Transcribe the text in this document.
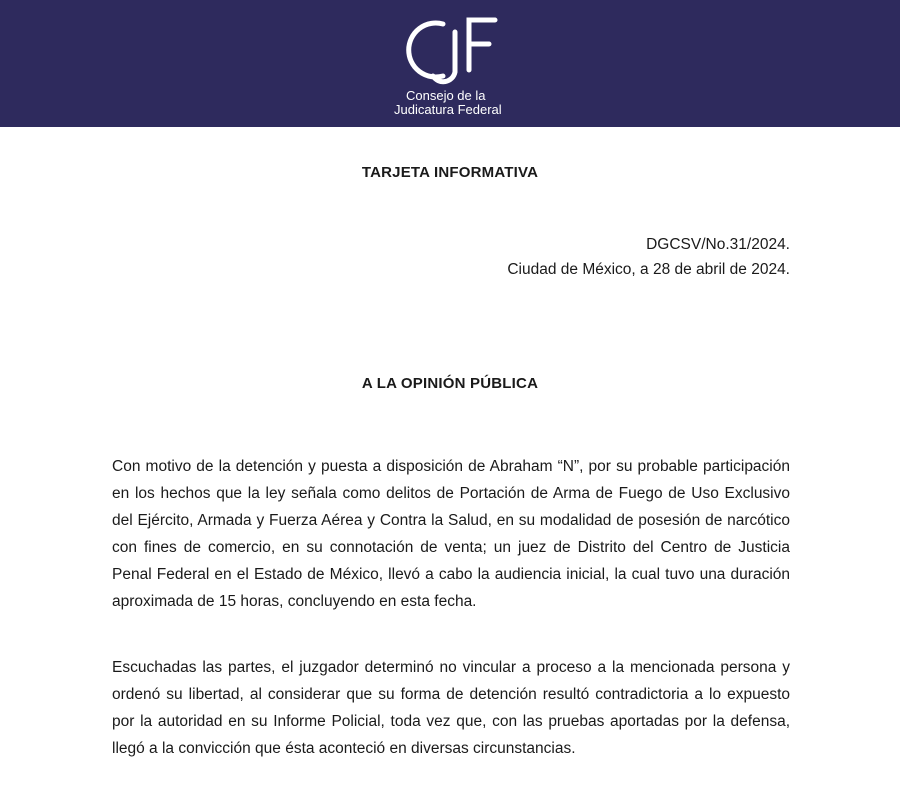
Consejo de la
Judicatura Federal
TARJETA INFORMATIVA
DGCSV/No.31/2024.
Ciudad de México, a 28 de abril de 2024.
A LA OPINIÓN PÚBLICA

Con motivo de la detención y puesta a disposición de Abraham “N”, por su probable participación en los hechos que la ley señala como delitos de Portación de Arma de Fuego de Uso Exclusivo del Ejército, Armada y Fuerza Aérea y Contra la Salud, en su modalidad de posesión de narcótico con fines de comercio, en su connotación de venta; un juez de Distrito del Centro de Justicia Penal Federal en el Estado de México, llevó a cabo la audiencia inicial, la cual tuvo una duración aproximada de 15 horas, concluyendo en esta fecha.

Escuchadas las partes, el juzgador determinó no vincular a proceso a la mencionada persona y ordenó su libertad, al considerar que su forma de detención resultó contradictoria a lo expuesto por la autoridad en su Informe Policial, toda vez que, con las pruebas aportadas por la defensa, llegó a la convicción que ésta aconteció en diversas circunstancias.
